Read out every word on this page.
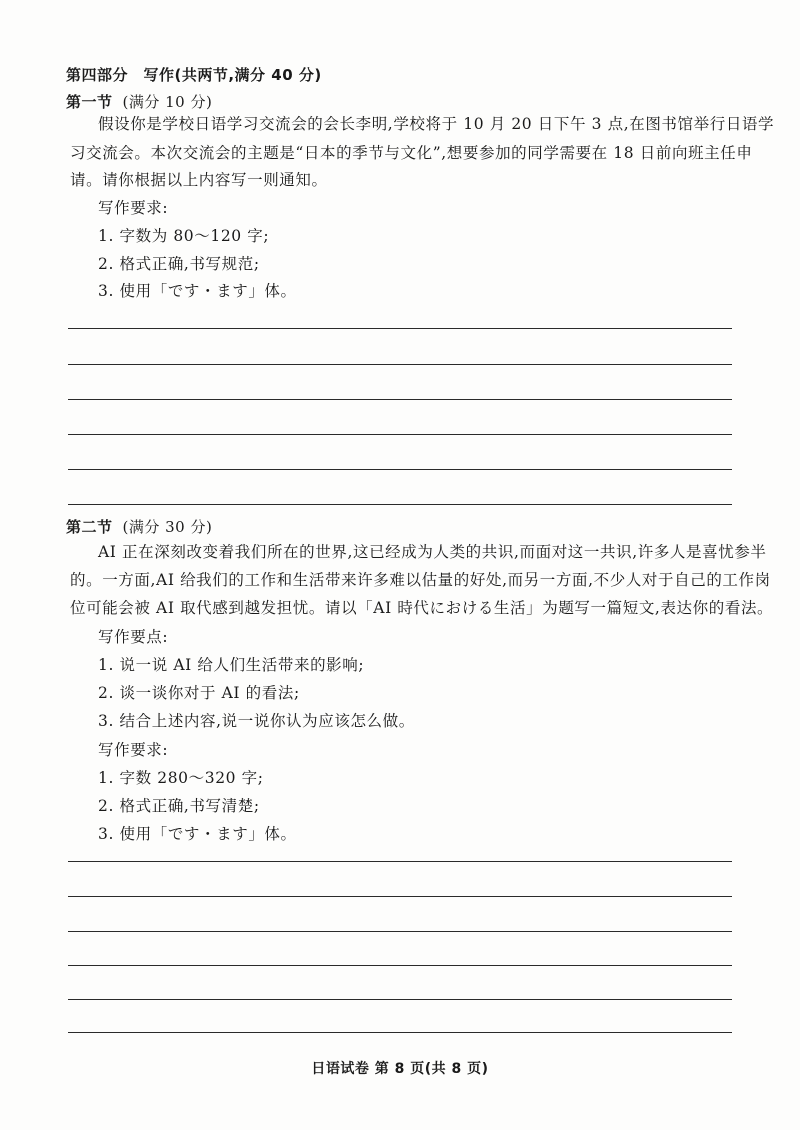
第四部分　写作(共两节,满分 40 分)
第一节 (满分 10 分)
假设你是学校日语学习交流会的会长李明,学校将于 10 月 20 日下午 3 点,在图书馆举行日语学
习交流会。本次交流会的主题是“日本的季节与文化”,想要参加的同学需要在 18 日前向班主任申
请。请你根据以上内容写一则通知。
写作要求:
1. 字数为 80～120 字;
2. 格式正确,书写规范;
3. 使用「です・ます」体。
第二节 (满分 30 分)
AI 正在深刻改变着我们所在的世界,这已经成为人类的共识,而面对这一共识,许多人是喜忧参半
的。一方面,AI 给我们的工作和生活带来许多难以估量的好处,而另一方面,不少人对于自己的工作岗
位可能会被 AI 取代感到越发担忧。请以「AI 時代における生活」为题写一篇短文,表达你的看法。
写作要点:
1. 说一说 AI 给人们生活带来的影响;
2. 谈一谈你对于 AI 的看法;
3. 结合上述内容,说一说你认为应该怎么做。
写作要求:
1. 字数 280～320 字;
2. 格式正确,书写清楚;
3. 使用「です・ます」体。
日语试卷 第 8 页(共 8 页)
